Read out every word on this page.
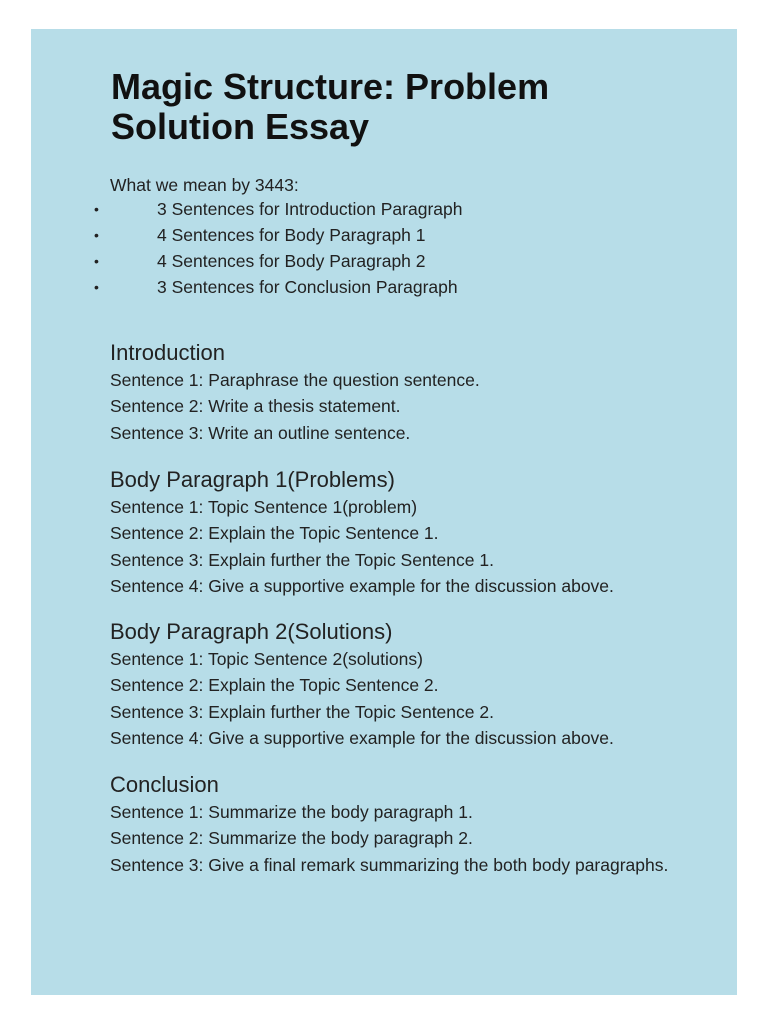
Magic Structure: Problem Solution Essay

What we mean by 3443:

•	3 Sentences for Introduction Paragraph
•	4 Sentences for Body Paragraph 1
•	4 Sentences for Body Paragraph 2
•	3 Sentences for Conclusion Paragraph
Introduction

Sentence 1: Paraphrase the question sentence.

Sentence 2: Write a thesis statement.

Sentence 3: Write an outline sentence.

Body Paragraph 1(Problems)

Sentence 1: Topic Sentence 1(problem)

Sentence 2: Explain the Topic Sentence 1.

Sentence 3: Explain further the Topic Sentence 1.

Sentence 4: Give a supportive example for the discussion above.

Body Paragraph 2(Solutions)

Sentence 1: Topic Sentence 2(solutions)

Sentence 2: Explain the Topic Sentence 2.

Sentence 3: Explain further the Topic Sentence 2.

Sentence 4: Give a supportive example for the discussion above.

Conclusion

Sentence 1: Summarize the body paragraph 1.

Sentence 2: Summarize the body paragraph 2.

Sentence 3: Give a final remark summarizing the both body paragraphs.
